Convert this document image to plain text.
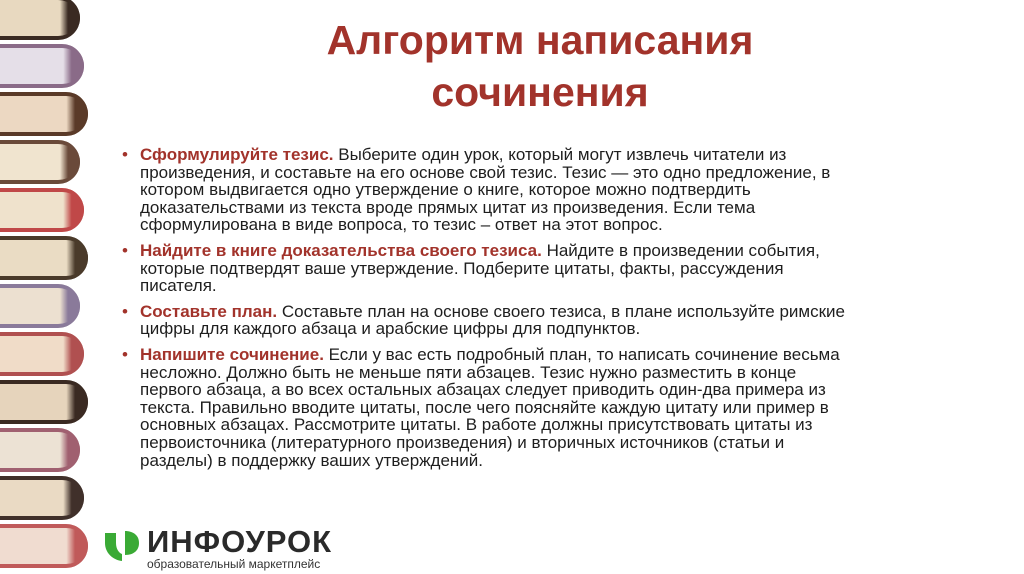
Алгоритм написания
сочинения
• Сформулируйте тезис. Выберите один урок, который могут извлечь читатели из
произведения, и составьте на его основе свой тезис. Тезис — это одно предложение, в
котором выдвигается одно утверждение о книге, которое можно подтвердить
доказательствами из текста вроде прямых цитат из произведения. Если тема
сформулирована в виде вопроса, то тезис – ответ на этот вопрос.
• Найдите в книге доказательства своего тезиса. Найдите в произведении события,
которые подтвердят ваше утверждение. Подберите цитаты, факты, рассуждения
писателя.
• Составьте план. Составьте план на основе своего тезиса, в плане используйте римские
цифры для каждого абзаца и арабские цифры для подпунктов.
• Напишите сочинение. Если у вас есть подробный план, то написать сочинение весьма
несложно. Должно быть не меньше пяти абзацев. Тезис нужно разместить в конце
первого абзаца, а во всех остальных абзацах следует приводить один-два примера из
текста. Правильно вводите цитаты, после чего поясняйте каждую цитату или пример в
основных абзацах. Рассмотрите цитаты. В работе должны присутствовать цитаты из
первоисточника (литературного произведения) и вторичных источников (статьи и
разделы) в поддержку ваших утверждений.
ИНФОУРОК
образовательный маркетплейс
